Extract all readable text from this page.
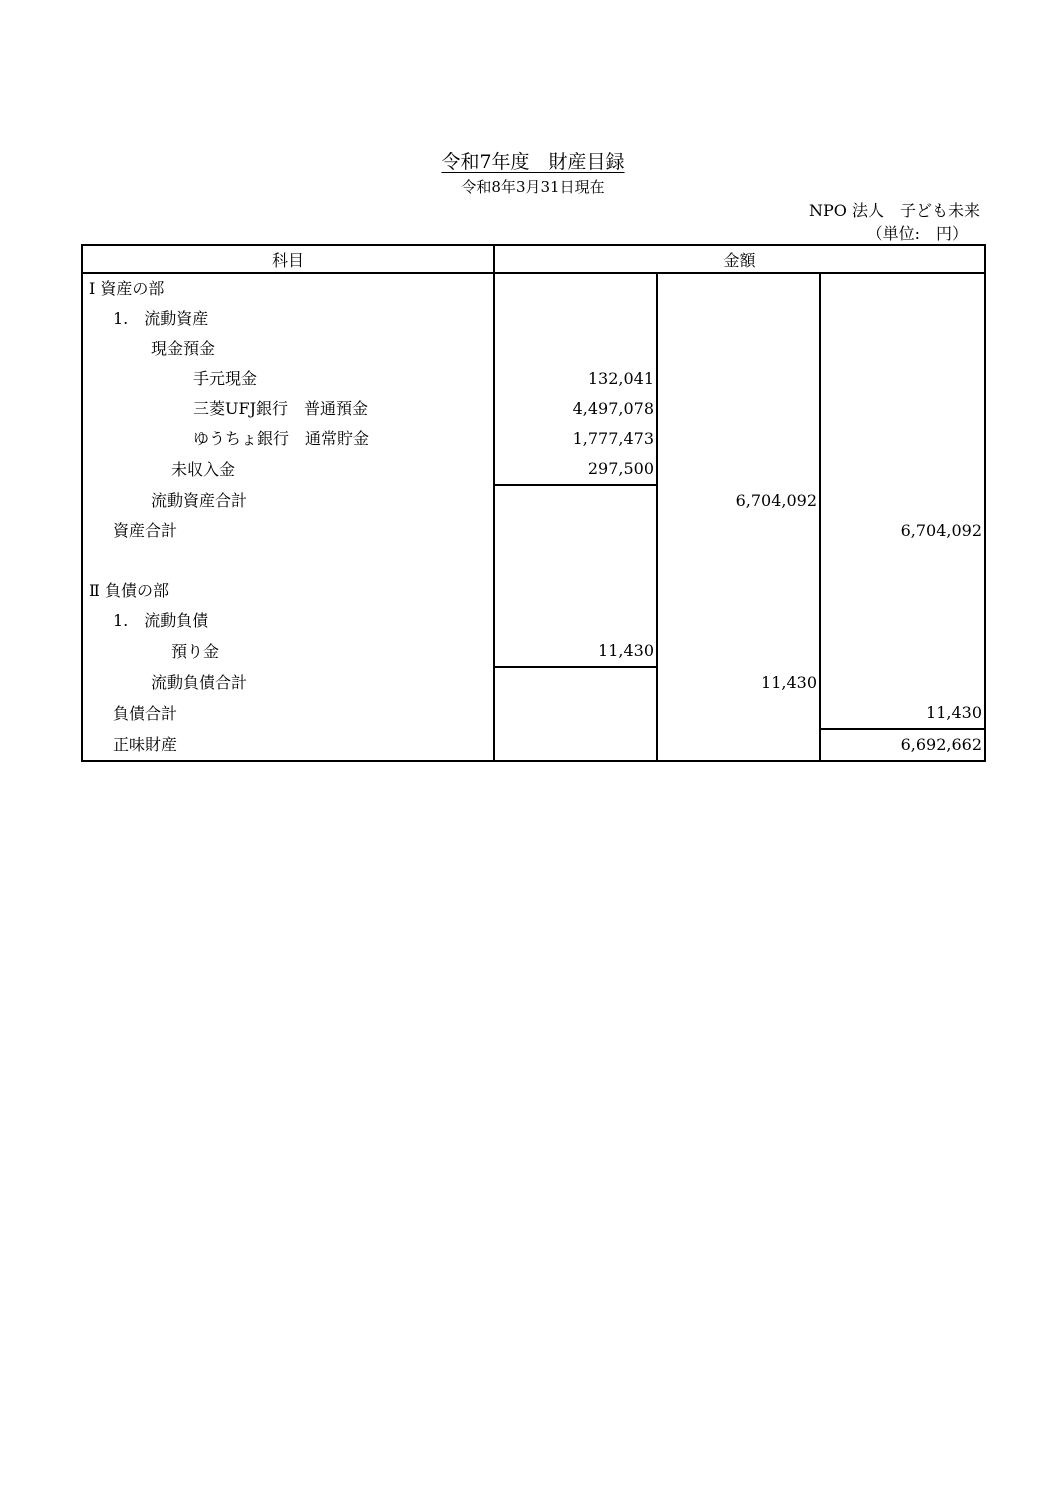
令和7年度　財産目録
令和8年3月31日現在
NPO 法人　子ども未来
（単位:　円）
科目	金額		
Ⅰ 資産の部			
1.　流動資産			
現金預金			
手元現金	132,041		
三菱UFJ銀行　普通預金	4,497,078		
ゆうちょ銀行　通常貯金	1,777,473		
未収入金	297,500		
流動資産合計		6,704,092	
資産合計			6,704,092

Ⅱ 負債の部			
1.　流動負債			
預り金	11,430		
流動負債合計		11,430	
負債合計			11,430
正味財産			6,692,662
